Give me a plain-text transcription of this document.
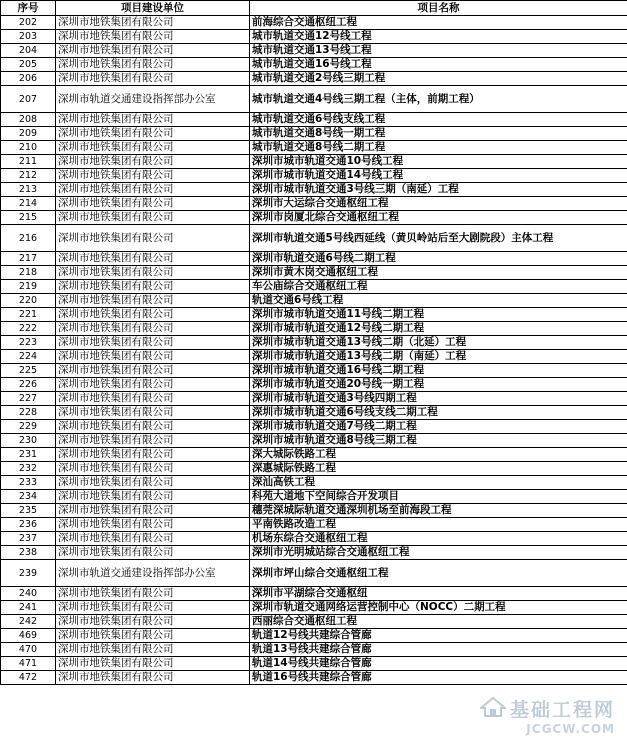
序号	项目建设单位	项目名称
202	深圳市地铁集团有限公司	前海综合交通枢纽工程
203	深圳市地铁集团有限公司	城市轨道交通12号线工程
204	深圳市地铁集团有限公司	城市轨道交通13号线工程
205	深圳市地铁集团有限公司	城市轨道交通16号线工程
206	深圳市地铁集团有限公司	城市轨道交通2号线三期工程
207	深圳市轨道交通建设指挥部办公室	城市轨道交通4号线三期工程（主体，前期工程）
208	深圳市地铁集团有限公司	城市轨道交通6号线支线工程
209	深圳市地铁集团有限公司	城市轨道交通8号线一期工程
210	深圳市地铁集团有限公司	城市轨道交通8号线二期工程
211	深圳市地铁集团有限公司	深圳市城市轨道交通10号线工程
212	深圳市地铁集团有限公司	深圳市城市轨道交通14号线工程
213	深圳市地铁集团有限公司	深圳市城市轨道交通3号线三期（南延）工程
214	深圳市地铁集团有限公司	深圳市大运综合交通枢纽工程
215	深圳市地铁集团有限公司	深圳市岗厦北综合交通枢纽工程
216	深圳市地铁集团有限公司	深圳市轨道交通5号线西延线（黄贝岭站后至大剧院段）主体工程
217	深圳市地铁集团有限公司	深圳市轨道交通6号线二期工程
218	深圳市地铁集团有限公司	深圳市黄木岗交通枢纽工程
219	深圳市地铁集团有限公司	车公庙综合交通枢纽工程
220	深圳市地铁集团有限公司	轨道交通6号线工程
221	深圳市地铁集团有限公司	深圳市城市轨道交通11号线二期工程
222	深圳市地铁集团有限公司	深圳市城市轨道交通12号线二期工程
223	深圳市地铁集团有限公司	深圳市城市轨道交通13号线二期（北延）工程
224	深圳市地铁集团有限公司	深圳市城市轨道交通13号线二期（南延）工程
225	深圳市地铁集团有限公司	深圳市城市轨道交通16号线二期工程
226	深圳市地铁集团有限公司	深圳市城市轨道交通20号线一期工程
227	深圳市地铁集团有限公司	深圳市城市轨道交通3号线四期工程
228	深圳市地铁集团有限公司	深圳市城市轨道交通6号线支线二期工程
229	深圳市地铁集团有限公司	深圳市城市轨道交通7号线二期工程
230	深圳市地铁集团有限公司	深圳市城市轨道交通8号线三期工程
231	深圳市地铁集团有限公司	深大城际铁路工程
232	深圳市地铁集团有限公司	深惠城际铁路工程
233	深圳市地铁集团有限公司	深汕高铁工程
234	深圳市地铁集团有限公司	科苑大道地下空间综合开发项目
235	深圳市地铁集团有限公司	穗莞深城际轨道交通深圳机场至前海段工程
236	深圳市地铁集团有限公司	平南铁路改造工程
237	深圳市地铁集团有限公司	机场东综合交通枢纽工程
238	深圳市地铁集团有限公司	深圳市光明城站综合交通枢纽工程
239	深圳市轨道交通建设指挥部办公室	深圳市坪山综合交通枢纽工程
240	深圳市地铁集团有限公司	深圳市平湖综合交通枢纽
241	深圳市地铁集团有限公司	深圳市轨道交通网络运营控制中心（NOCC）二期工程
242	深圳市地铁集团有限公司	西丽综合交通枢纽工程
469	深圳市地铁集团有限公司	轨道12号线共建综合管廊
470	深圳市地铁集团有限公司	轨道13号线共建综合管廊
471	深圳市地铁集团有限公司	轨道14号线共建综合管廊
472	深圳市地铁集团有限公司	轨道16号线共建综合管廊
基础工程网
JCGCW.COM
